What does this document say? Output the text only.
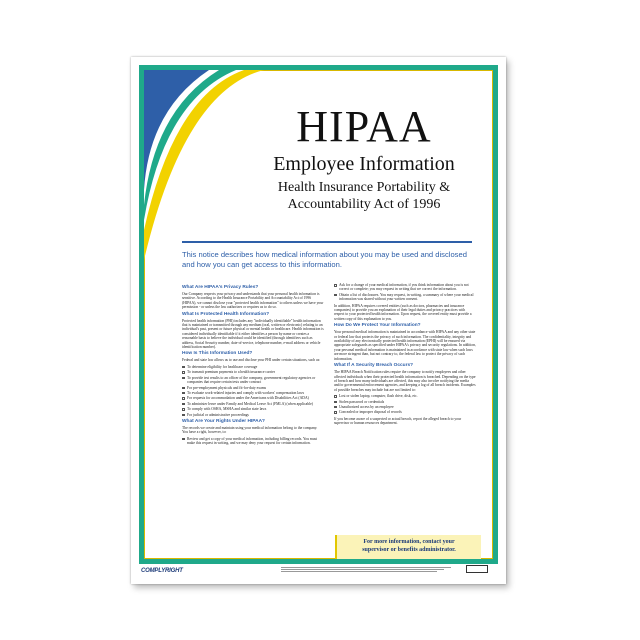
HIPAA
Employee Information
Health Insurance Portability &
Accountability Act of 1996
This notice describes how medical information about you may be used and disclosed and how you can get access to this information.
What Are HIPAA's Privacy Rules?
Our Company respects your privacy and understands that your personal health information is sensitive. According to the Health Insurance Portability and Accountability Act of 1996 (HIPAA), we cannot disclose your "protected health information" to others unless we have your permission - or unless the law authorizes or requires us to do so.
What Is Protected Health Information?
Protected health information (PHI) includes any "individually identifiable" health information that is maintained or transmitted through any medium (oral, written or electronic) relating to an individual's past, present or future physical or mental health or healthcare. Health information is considered individually identifiable if it either identifies a person by name or creates a reasonable basis to believe the individual could be identified (through identifiers such as address, Social Security number, date-of-service, telephone number, e-mail address or vehicle identification number).
How Is This Information Used?
Federal and state law allows us to use and disclose your PHI under certain situations, such as:
To determine eligibility for healthcare coverage
To transmit premium payments to a health insurance carrier
To provide test results to an officer of the company, government regulatory agencies or companies that require certain tests under contract
For pre-employment physicals and fit-for-duty exams
To evaluate work-related injuries and comply with workers' compensation laws
For requests for accommodation under the Americans with Disabilities Act (ADA)
To administer leave under Family and Medical Leave Act (FMLA) (when applicable)
To comply with OSHA, MSHA and similar state laws
For judicial or administrative proceedings
What Are Your Rights Under HIPAA?
The records we create and maintain using your medical information belong to the company. You have a right, however, to:
Review and get a copy of your medical information, including billing records. You must make this request in writing, and we may deny your request for certain information.
Ask for a change of your medical information, if you think information about you is not correct or complete; you may request in writing that we correct the information.
Obtain a list of disclosures. You may request, in writing, a summary of where your medical information was shared without your written consent.
In addition, HIPAA requires covered entities (such as doctors, pharmacies and insurance companies) to provide you an explanation of their legal duties and privacy practices with respect to your protected health information. Upon request, the covered entity must provide a written copy of this explanation to you.
How Do We Protect Your Information?
Your personal medical information is maintained in accordance with HIPAA and any other state or federal law that protects the privacy of such information. The confidentiality, integrity and availability of any electronically protected health information (EPHI) will be ensured via appropriate safeguards as specified under HIPAA's privacy and security regulations. In addition, your personal medical information is maintained in accordance with state law when such laws are more stringent than, but not contrary to, the federal law to protect the privacy of such information.
What If A Security Breach Occurs?
The HIPAA Breach Notification rules require the company to notify employees and other affected individuals when their protected health information is breached. Depending on the type of breach and how many individuals are affected, this may also involve notifying the media and/or governmental enforcement agencies, and keeping a log of all breach incidents. Examples of possible breaches may include but are not limited to:
Lost or stolen laptop, computer, flash drive, disk, etc.
Stolen password or credentials
Unauthorized access by an employee
Concealed or improper disposal of records
If you become aware of a suspected or actual breach, report the alleged breach to your supervisor or human resources department.
For more information, contact your
supervisor or benefits administrator.
COMPLYRIGHT
